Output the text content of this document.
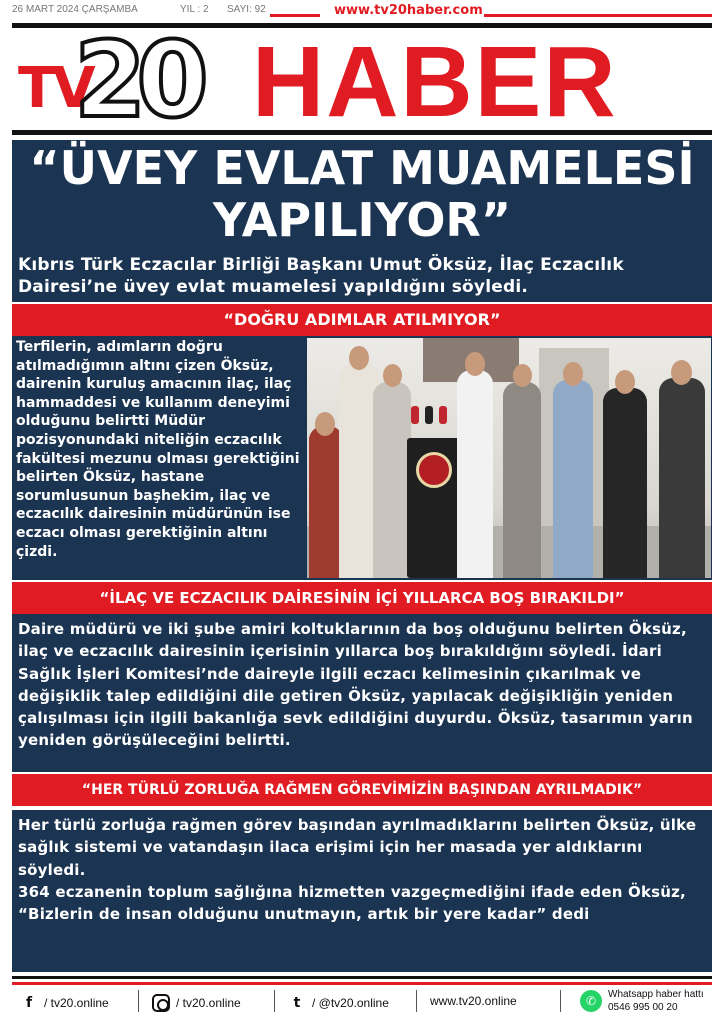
26 MART 2024 ÇARŞAMBA	YIL : 2 SAYI: 92	www.tv20haber.com
TV
20 HABER
“ÜVEY EVLAT MUAMELESİ YAPILIYOR”

Kıbrıs Türk Eczacılar Birliği Başkanı Umut Öksüz, İlaç Eczacılık Dairesi’ne üvey evlat muamelesi yapıldığını söyledi.

“DOĞRU ADIMLAR ATILMIYOR”

Terfilerin, adımların doğru atılmadığımın altını çizen Öksüz, dairenin kuruluş amacının ilaç, ilaç hammaddesi ve kullanım deneyimi olduğunu belirtti Müdür pozisyonundaki niteliğin eczacılık fakültesi mezunu olması gerektiğini belirten Öksüz, hastane sorumlusunun başhekim, ilaç ve eczacılık dairesinin müdürünün ise eczacı olması gerektiğinin altını çizdi.

“İLAÇ VE ECZACILIK DAİRESİNİN İÇİ YILLARCA BOŞ BIRAKILDI”

Daire müdürü ve iki şube amiri koltuklarının da boş olduğunu belirten Öksüz, ilaç ve eczacılık dairesinin içerisinin yıllarca boş bırakıldığını söyledi. İdari Sağlık İşleri Komitesi’nde daireyle ilgili eczacı kelimesinin çıkarılmak ve değişiklik talep edildiğini dile getiren Öksüz, yapılacak değişikliğin yeniden çalışılması için ilgili bakanlığa sevk edildiğini duyurdu. Öksüz, tasarımın yarın yeniden görüşüleceğini belirtti.

“HER TÜRLÜ ZORLUĞA RAĞMEN GÖREVİMİZİN BAŞINDAN AYRILMADIK”

Her türlü zorluğa rağmen görev başından ayrılmadıklarını belirten Öksüz, ülke sağlık sistemi ve vatandaşın ilaca erişimi için her masada yer aldıklarını söyledi.

364 eczanenin toplum sağlığına hizmetten vazgeçmediğini ifade eden Öksüz, “Bizlerin de insan olduğunu unutmayın, artık bir yere kadar” dedi

f / tv20.online	/ tv20.online	t / @tv20.online	www.tv20.online	✆	Whatsapp haber hattı
0546 995 00 20
